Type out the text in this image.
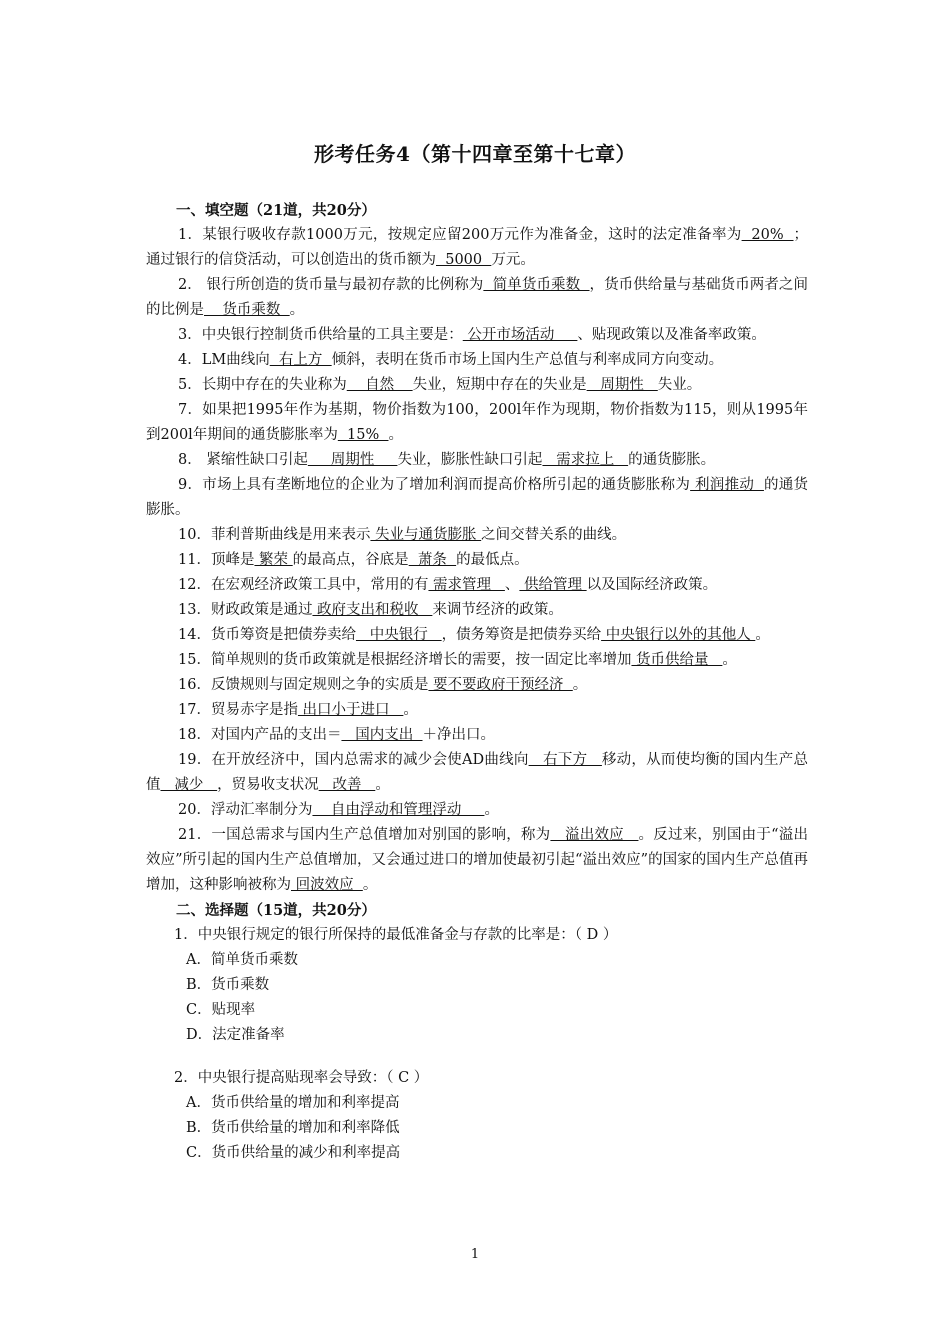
形考任务4（第十四章至第十七章）
一、填空题（21道，共20分）
1．某银行吸收存款1000万元，按规定应留200万元作为准备金，这时的法定准备率为  20%  ；通过银行的信贷活动，可以创造出的货币额为  5000  万元。
2． 银行所创造的货币量与最初存款的比例称为  简单货币乘数  ，货币供给量与基础货币两者之间的比例是    货币乘数  。
3．中央银行控制货币供给量的工具主要是： 公开市场活动     、贴现政策以及准备率政策。
4．LM曲线向  右上方  倾斜，表明在货币市场上国内生产总值与利率成同方向变动。
5．长期中存在的失业称为    自然    失业，短期中存在的失业是   周期性   失业。
7．如果把1995年作为基期，物价指数为100，200l年作为现期，物价指数为115，则从1995年到200l年期间的通货膨胀率为  15%  。
8． 紧缩性缺口引起     周期性     失业，膨胀性缺口引起   需求拉上   的通货膨胀。
9．市场上具有垄断地位的企业为了增加利润而提高价格所引起的通货膨胀称为 利润推动  的通货膨胀。
10．菲利普斯曲线是用来表示 失业与通货膨胀 之间交替关系的曲线。
11．顶峰是 繁荣 的最高点，谷底是  萧条  的最低点。
12．在宏观经济政策工具中，常用的有 需求管理   、 供给管理 以及国际经济政策。
13．财政政策是通过 政府支出和税收   来调节经济的政策。
14．货币筹资是把债券卖给   中央银行   ，债务筹资是把债券买给 中央银行以外的其他人 。
15．简单规则的货币政策就是根据经济增长的需要，按一固定比率增加 货币供给量   。
16．反馈规则与固定规则之争的实质是 要不要政府干预经济  。
17．贸易赤字是指 出口小于进口   。
18．对国内产品的支出＝   国内支出  ＋净出口。
19．在开放经济中，国内总需求的减少会使AD曲线向   右下方   移动，从而使均衡的国内生产总值   减少   ，贸易收支状况   改善   。
20．浮动汇率制分为    自由浮动和管理浮动     。
21．一国总需求与国内生产总值增加对别国的影响，称为   溢出效应   。反过来，别国由于“溢出效应”所引起的国内生产总值增加，又会通过进口的增加使最初引起“溢出效应”的国家的国内生产总值再增加，这种影响被称为 回波效应  。
二、选择题（15道，共20分）
1．中央银行规定的银行所保持的最低准备金与存款的比率是：（ D ）
A．简单货币乘数
B．货币乘数
C．贴现率
D．法定准备率
2．中央银行提高贴现率会导致：（ C ）
A．货币供给量的增加和利率提高
B．货币供给量的增加和利率降低
C．货币供给量的减少和利率提高
1
